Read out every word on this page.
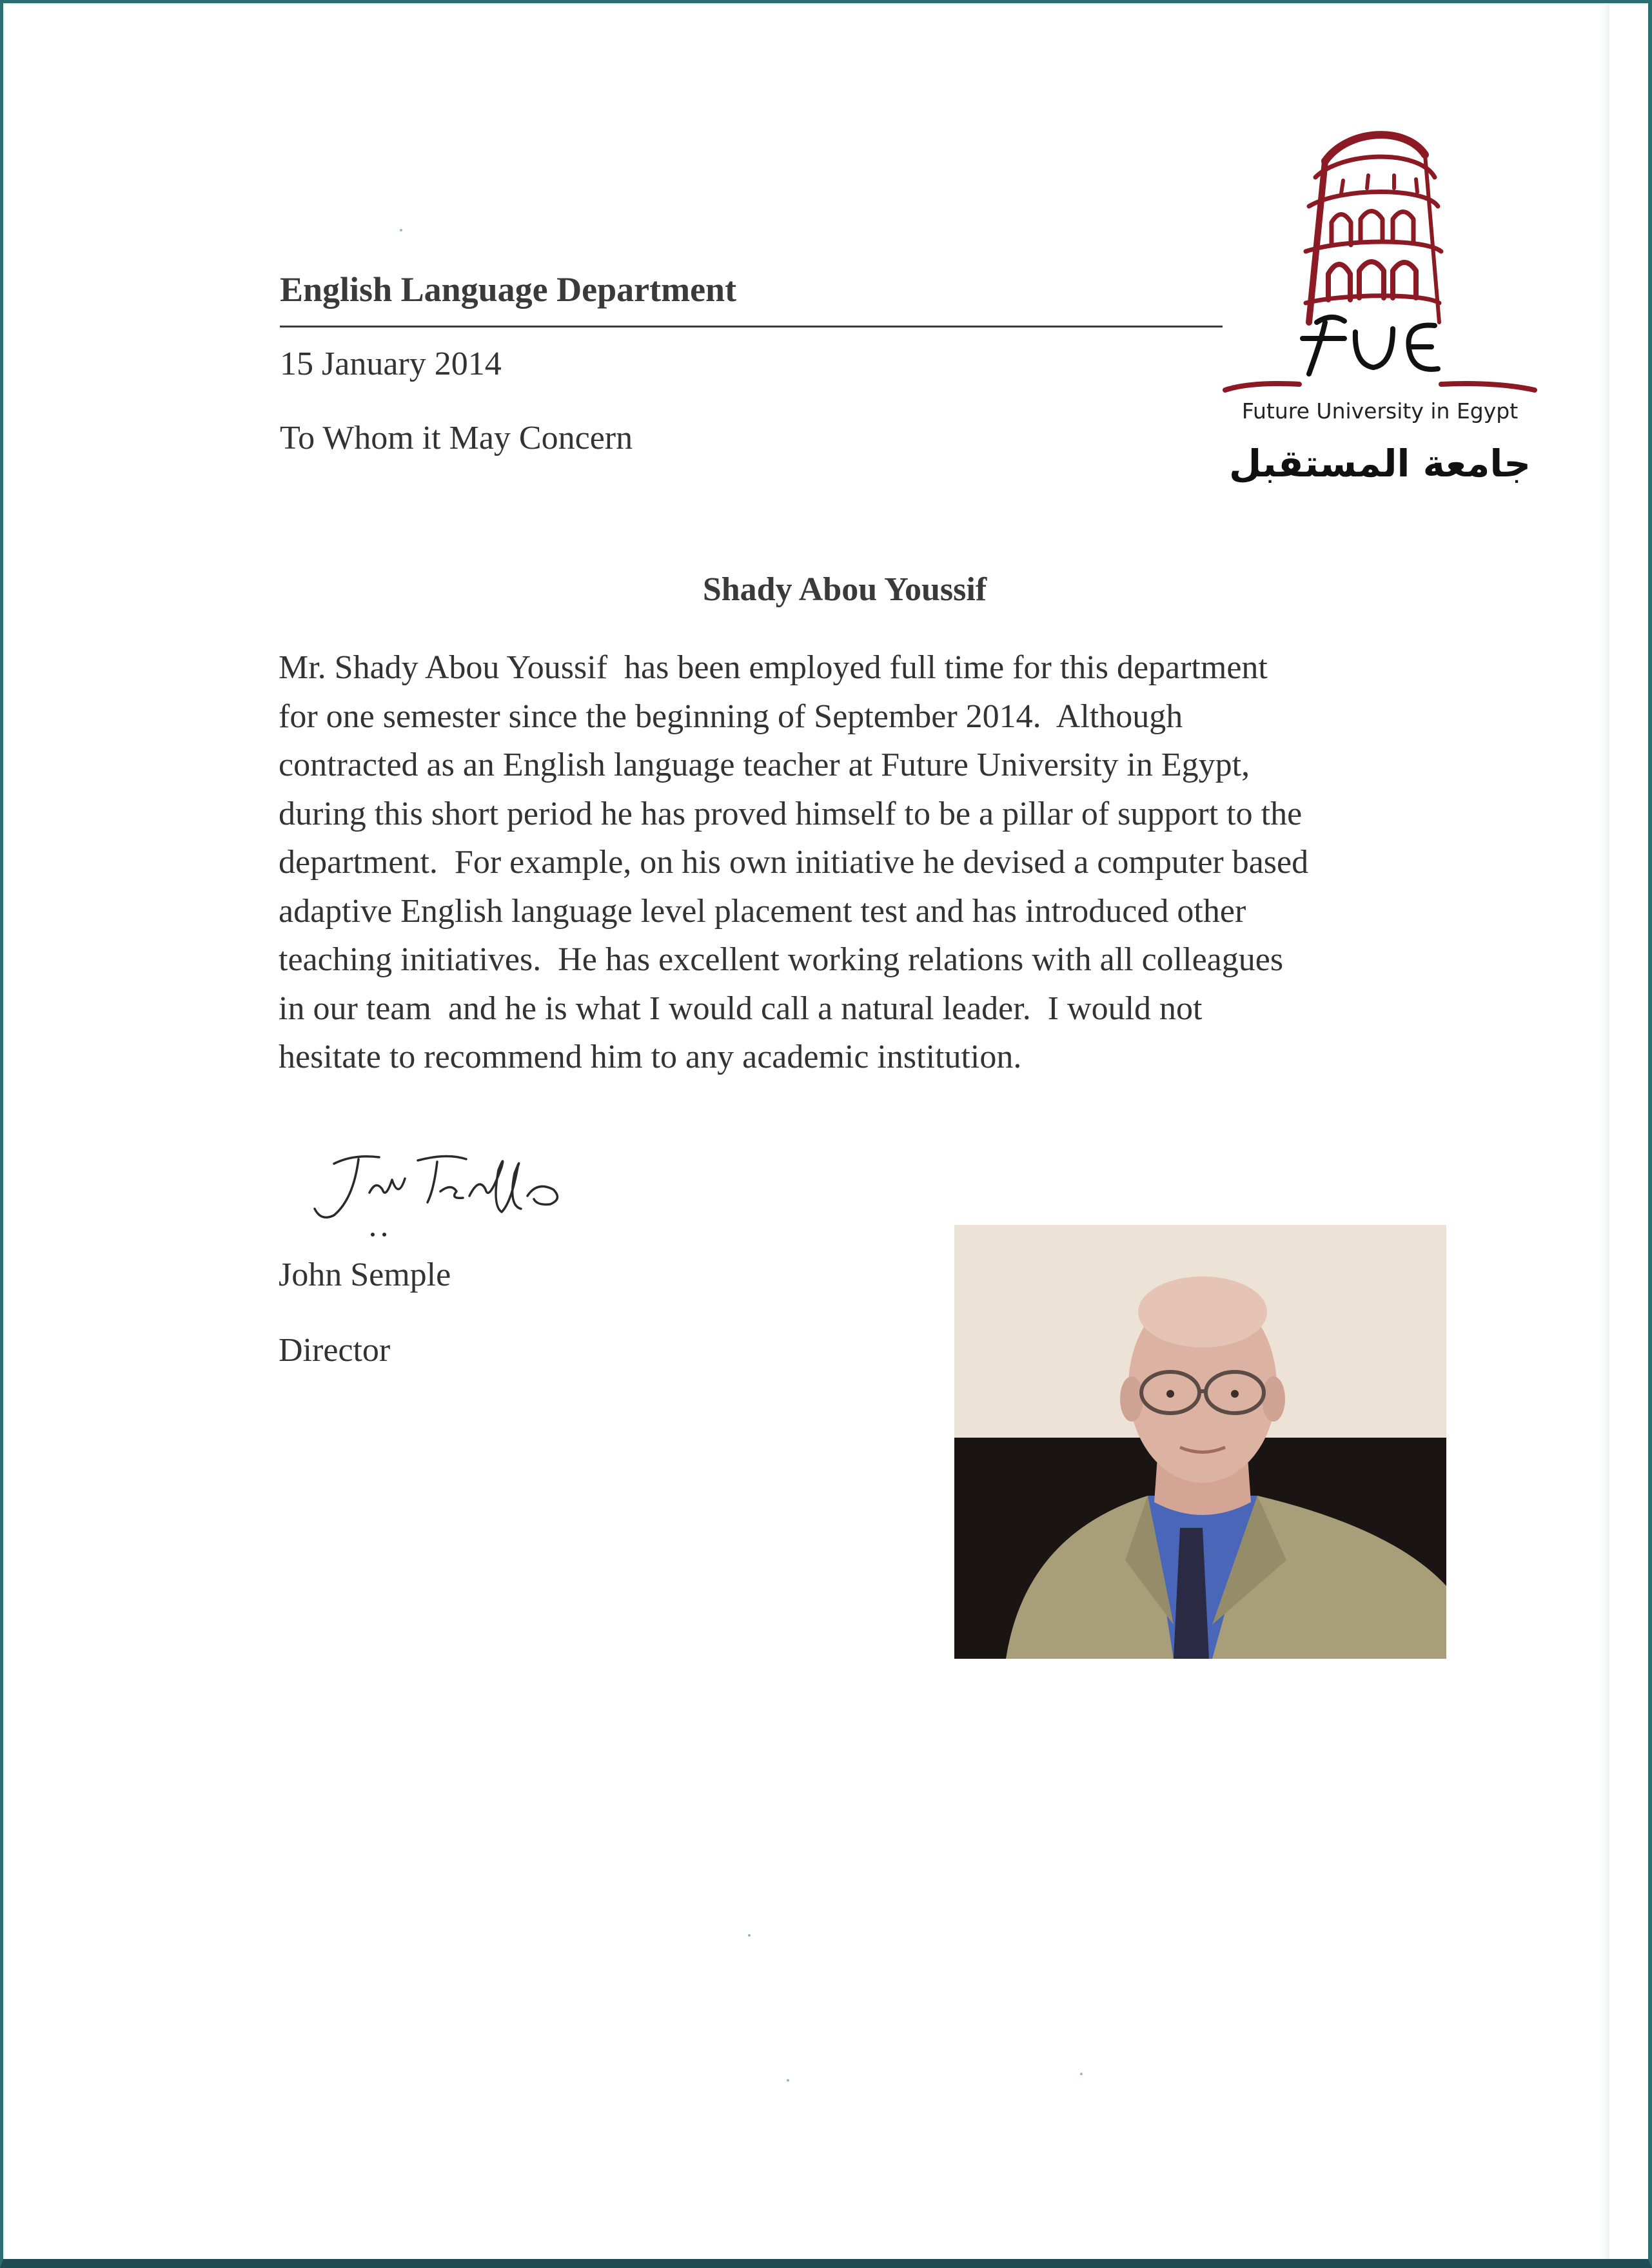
English Language Department
15 January 2014
To Whom it May Concern
Future University in Egypt
جامعة المستقبل
Shady Abou Youssif

Mr. Shady Abou Youssif  has been employed full time for this department
for one semester since the beginning of September 2014.  Although
contracted as an English language teacher at Future University in Egypt,
during this short period he has proved himself to be a pillar of support to the
department.  For example, on his own initiative he devised a computer based
adaptive English language level placement test and has introduced other
teaching initiatives.  He has excellent working relations with all colleagues
in our team  and he is what I would call a natural leader.  I would not
hesitate to recommend him to any academic institution.

John Semple
Director
